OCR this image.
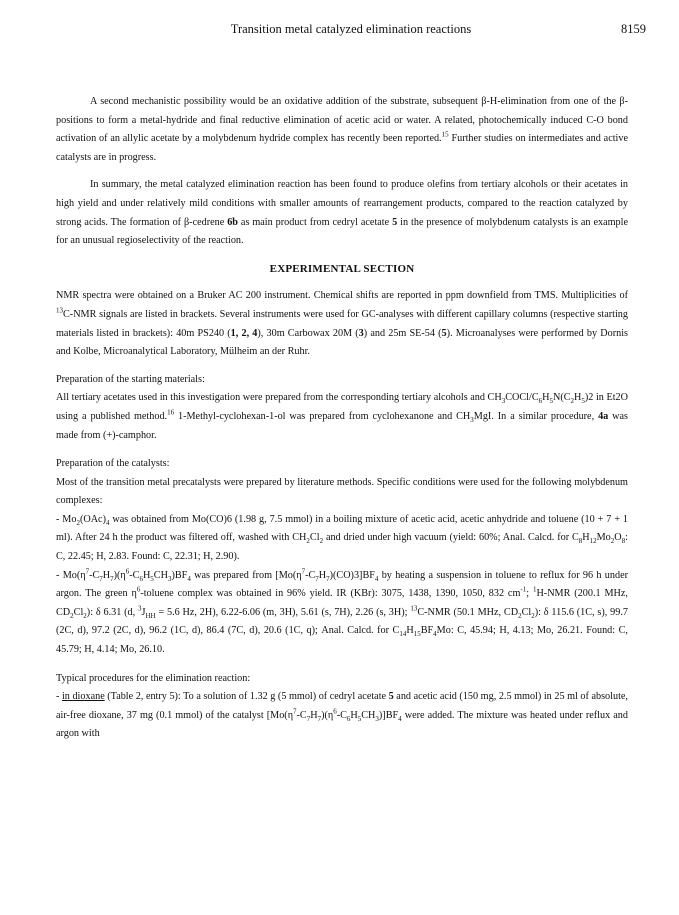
Transition metal catalyzed elimination reactions	8159

A second mechanistic possibility would be an oxidative addition of the substrate, subsequent β-H-elimination from one of the β-positions to form a metal-hydride and final reductive elimination of acetic acid or water. A related, photochemically induced C-O bond activation of an allylic acetate by a molybdenum hydride complex has recently been reported.$^{15}$ Further studies on intermediates and active catalysts are in progress.

In summary, the metal catalyzed elimination reaction has been found to produce olefins from tertiary alcohols or their acetates in high yield and under relatively mild conditions with smaller amounts of rearrangement products, compared to the reaction catalyzed by strong acids. The formation of β-cedrene 6b as main product from cedryl acetate 5 in the presence of molybdenum catalysts is an example for an unusual regioselectivity of the reaction.

EXPERIMENTAL SECTION

NMR spectra were obtained on a Bruker AC 200 instrument. Chemical shifts are reported in ppm downfield from TMS. Multiplicities of $^{13}$C-NMR signals are listed in brackets. Several instruments were used for GC-analyses with different capillary columns (respective starting materials listed in brackets): 40m PS240 (1, 2, 4), 30m Carbowax 20M (3) and 25m SE-54 (5). Microanalyses were performed by Dornis and Kolbe, Microanalytical Laboratory, Mülheim an der Ruhr.

Preparation of the starting materials:

All tertiary acetates used in this investigation were prepared from the corresponding tertiary alcohols and $CH_3COCl/C_6H_5N(C_2H_5)2$ in Et2O using a published method.$^{16}$ 1-Methyl-cyclohexan-1-ol was prepared from cyclohexanone and $CH_3MgI$. In a similar procedure, 4a was made from (+)-camphor.

Preparation of the catalysts:

Most of the transition metal precatalysts were prepared by literature methods. Specific conditions were used for the following molybdenum complexes:

- $Mo_2(OAc)_4$ was obtained from Mo(CO)6 (1.98 g, 7.5 mmol) in a boiling mixture of acetic acid, acetic anhydride and toluene (10 + 7 + 1 ml). After 24 h the product was filtered off, washed with $CH_2Cl_2$ and dried under high vacuum (yield: 60%; Anal. Calcd. for $C_8H_{12}Mo_2O_8$: C, 22.45; H, 2.83. Found: C, 22.31; H, 2.90).

- $Mo(\eta^7-C_7H_7)(\eta^6-C_6H_5CH_3)BF_4$ was prepared from $[Mo(\eta^7-C_7H_7)(CO)3]BF_4$ by heating a suspension in toluene to reflux for 96 h under argon. The green $\eta^6$-toluene complex was obtained in 96% yield. IR (KBr): 3075, 1438, 1390, 1050, 832 $cm^{-1}$; $^1$H-NMR (200.1 MHz, $CD_2Cl_2$): δ 6.31 (d, $^3J_{HH} = 5.6$ Hz, 2H), 6.22-6.06 (m, 3H), 5.61 (s, 7H), 2.26 (s, 3H); $^{13}$C-NMR (50.1 MHz, $CD_2Cl_2$): δ 115.6 (1C, s), 99.7 (2C, d), 97.2 (2C, d), 96.2 (1C, d), 86.4 (7C, d), 20.6 (1C, q); Anal. Calcd. for $C_{14}H_{15}BF_4Mo$: C, 45.94; H, 4.13; Mo, 26.21. Found: C, 45.79; H, 4.14; Mo, 26.10.

Typical procedures for the elimination reaction:

- in dioxane (Table 2, entry 5): To a solution of 1.32 g (5 mmol) of cedryl acetate 5 and acetic acid (150 mg, 2.5 mmol) in 25 ml of absolute, air-free dioxane, 37 mg (0.1 mmol) of the catalyst $[Mo(\eta^7-C_7H_7)(\eta^6-C_6H_5CH_3)]BF_4$ were added. The mixture was heated under reflux and argon with
